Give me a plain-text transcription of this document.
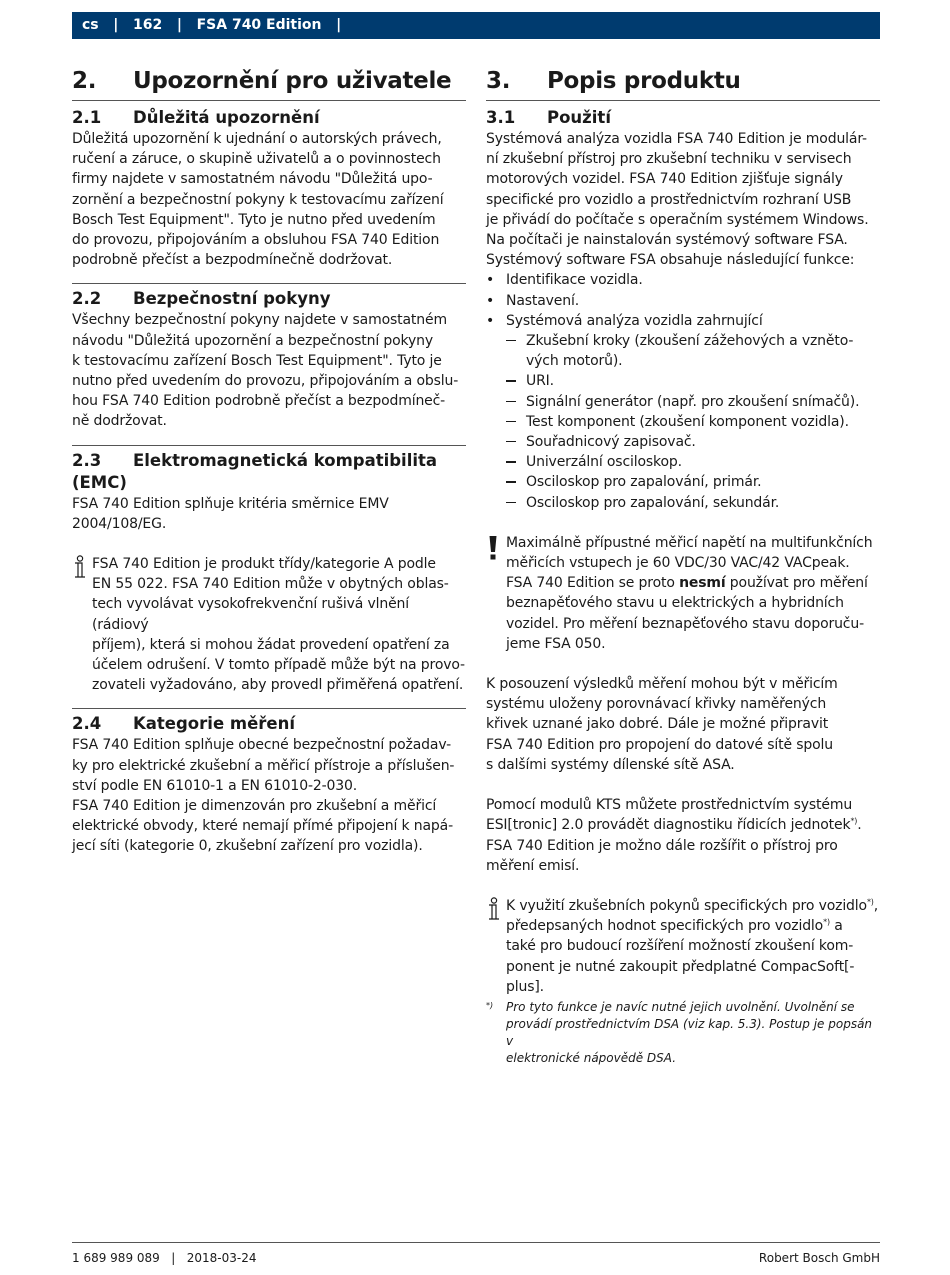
cs   |   162   |   FSA 740 Edition   |
2. Upozornění pro uživatele
2.1 Důležitá upozornění
Důležitá upozornění k ujednání o autorských právech,
ručení a záruce, o skupině uživatelů a o povinnostech
firmy najdete v samostatném návodu "Důležitá upo-
zornění a bezpečnostní pokyny k testovacímu zařízení
Bosch Test Equipment". Tyto je nutno před uvedením
do provozu, připojováním a obsluhou FSA 740 Edition
podrobně přečíst a bezpodmínečně dodržovat.
2.2 Bezpečnostní pokyny
Všechny bezpečnostní pokyny najdete v samostatném
návodu "Důležitá upozornění a bezpečnostní pokyny
k testovacímu zařízení Bosch Test Equipment". Tyto je
nutno před uvedením do provozu, připojováním a obslu-
hou FSA 740 Edition podrobně přečíst a bezpodmíneč-
ně dodržovat.
2.3 Elektromagnetická kompatibilita (EMC)
FSA 740 Edition splňuje kritéria směrnice EMV
2004/108/EG.
FSA 740 Edition je produkt třídy/kategorie A podle
EN 55 022. FSA 740 Edition může v obytných oblas-
tech vyvolávat vysokofrekvenční rušivá vlnění (rádiový
příjem), která si mohou žádat provedení opatření za
účelem odrušení. V tomto případě může být na provo-
zovateli vyžadováno, aby provedl přiměřená opatření.
2.4 Kategorie měření
FSA 740 Edition splňuje obecné bezpečnostní požadav-
ky pro elektrické zkušební a měřicí přístroje a příslušen-
ství podle EN 61010-1 a EN 61010-2-030.
FSA 740 Edition je dimenzován pro zkušební a měřicí
elektrické obvody, které nemají přímé připojení k napá-
jecí síti (kategorie 0, zkušební zařízení pro vozidla).
3. Popis produktu
3.1 Použití
Systémová analýza vozidla FSA 740 Edition je modulár-
ní zkušební přístroj pro zkušební techniku v servisech
motorových vozidel. FSA 740 Edition zjišťuje signály
specifické pro vozidlo a prostřednictvím rozhraní USB
je přivádí do počítače s operačním systémem Windows.
Na počítači je nainstalován systémový software FSA.
Systémový software FSA obsahuje následující funkce:
• Identifikace vozidla.
• Nastavení.
• Systémová analýza vozidla zahrnující
Zkušební kroky (zkoušení zážehových a vzněto-
vých motorů).
URI.
Signální generátor (např. pro zkoušení snímačů).
Test komponent (zkoušení komponent vozidla).
Souřadnicový zapisovač.
Univerzální osciloskop.
Osciloskop pro zapalování, primár.
Osciloskop pro zapalování, sekundár.
Maximálně přípustné měřicí napětí na multifunkčních
měřicích vstupech je 60 VDC/30 VAC/42 VACpeak.
FSA 740 Edition se proto nesmí používat pro měření
beznapěťového stavu u elektrických a hybridních
vozidel. Pro měření beznapěťového stavu doporuču-
jeme FSA 050.
K posouzení výsledků měření mohou být v měřicím
systému uloženy porovnávací křivky naměřených
křivek uznané jako dobré. Dále je možné připravit
FSA 740 Edition pro propojení do datové sítě spolu
s dalšími systémy dílenské sítě ASA.
Pomocí modulů KTS můžete prostřednictvím systému
ESI[tronic] 2.0 provádět diagnostiku řídicích jednotek*).
FSA 740 Edition je možno dále rozšířit o přístroj pro
měření emisí.
K využití zkušebních pokynů specifických pro vozidlo*),
předepsaných hodnot specifických pro vozidlo*) a
také pro budoucí rozšíření možností zkoušení kom-
ponent je nutné zakoupit předplatné CompacSoft[-
plus].
*) Pro tyto funkce je navíc nutné jejich uvolnění. Uvolnění se
provádí prostřednictvím DSA (viz kap. 5.3). Postup je popsán v
elektronické nápovědě DSA.
1 689 989 089   |   2018-03-24	Robert Bosch GmbH
